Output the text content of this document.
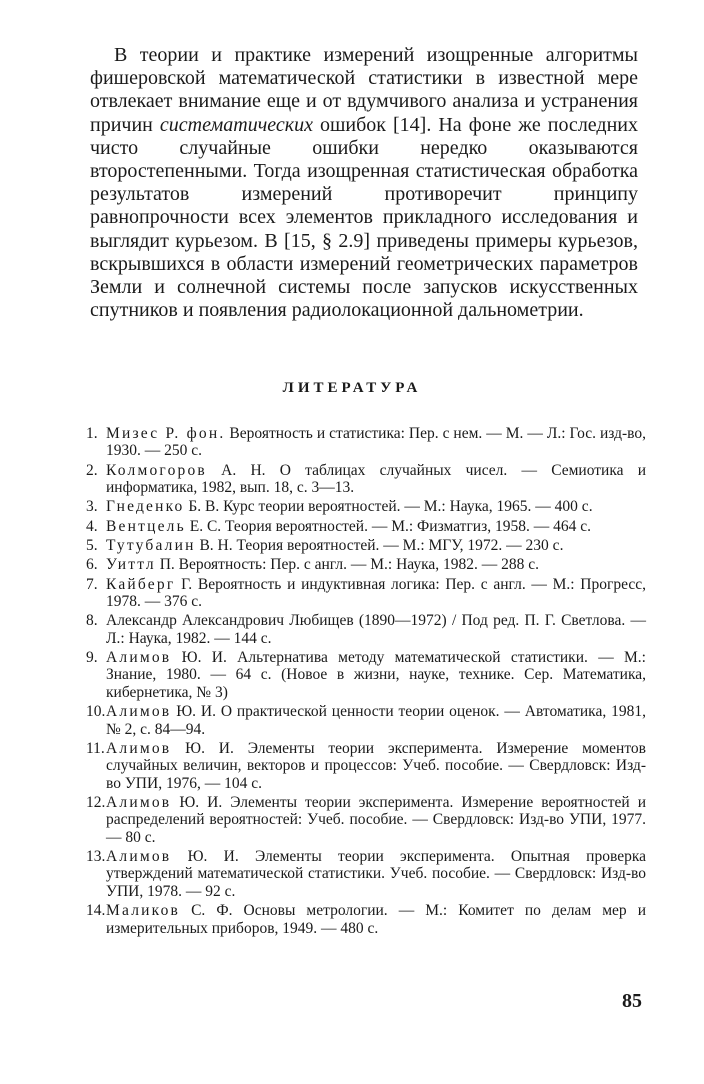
В теории и практике измерений изощренные алгоритмы фишеровской математической статистики в известной мере отвлекает внимание еще и от вдумчивого анализа и устранения причин систематических ошибок [14]. На фоне же последних чисто случайные ошибки нередко оказываются второстепенными. Тогда изощренная статистическая обработка результатов измерений противоречит принципу равнопрочности всех элементов прикладного исследования и выглядит курьезом. В [15, § 2.9] приведены примеры курьезов, вскрывшихся в области измерений геометрических параметров Земли и солнечной системы после запусков искусственных спутников и появления радиолокационной дальнометрии.

ЛИТЕРАТУРА
1. Мизес Р. фон. Вероятность и статистика: Пер. с нем. — М. — Л.: Гос. изд-во, 1930. — 250 с.
2. Колмогоров А. Н. О таблицах случайных чисел. — Семиотика и информатика, 1982, вып. 18, с. 3—13.
3. Гнеденко Б. В. Курс теории вероятностей. — М.: Наука, 1965. — 400 с.
4. Вентцель Е. С. Теория вероятностей. — М.: Физматгиз, 1958. — 464 с.
5. Тутубалин В. Н. Теория вероятностей. — М.: МГУ, 1972. — 230 с.
6. Уиттл П. Вероятность: Пер. с англ. — М.: Наука, 1982. — 288 с.
7. Кайберг Г. Вероятность и индуктивная логика: Пер. с англ. — М.: Прогресс, 1978. — 376 с.
8. Александр Александрович Любищев (1890—1972) / Под ред. П. Г. Светлова. — Л.: Наука, 1982. — 144 с.
9. Алимов Ю. И. Альтернатива методу математической статистики. — М.: Знание, 1980. — 64 с. (Новое в жизни, науке, технике. Сер. Математика, кибернетика, № 3)
10. Алимов Ю. И. О практической ценности теории оценок. — Автоматика, 1981, № 2, с. 84—94.
11. Алимов Ю. И. Элементы теории эксперимента. Измерение моментов случайных величин, векторов и процессов: Учеб. пособие. — Свердловск: Изд-во УПИ, 1976, — 104 с.
12. Алимов Ю. И. Элементы теории эксперимента. Измерение вероятностей и распределений вероятностей: Учеб. пособие. — Свердловск: Изд-во УПИ, 1977. — 80 с.
13. Алимов Ю. И. Элементы теории эксперимента. Опытная проверка утверждений математической статистики. Учеб. пособие. — Свердловск: Изд-во УПИ, 1978. — 92 с.
14. Маликов С. Ф. Основы метрологии. — М.: Комитет по делам мер и измерительных приборов, 1949. — 480 с.
85
